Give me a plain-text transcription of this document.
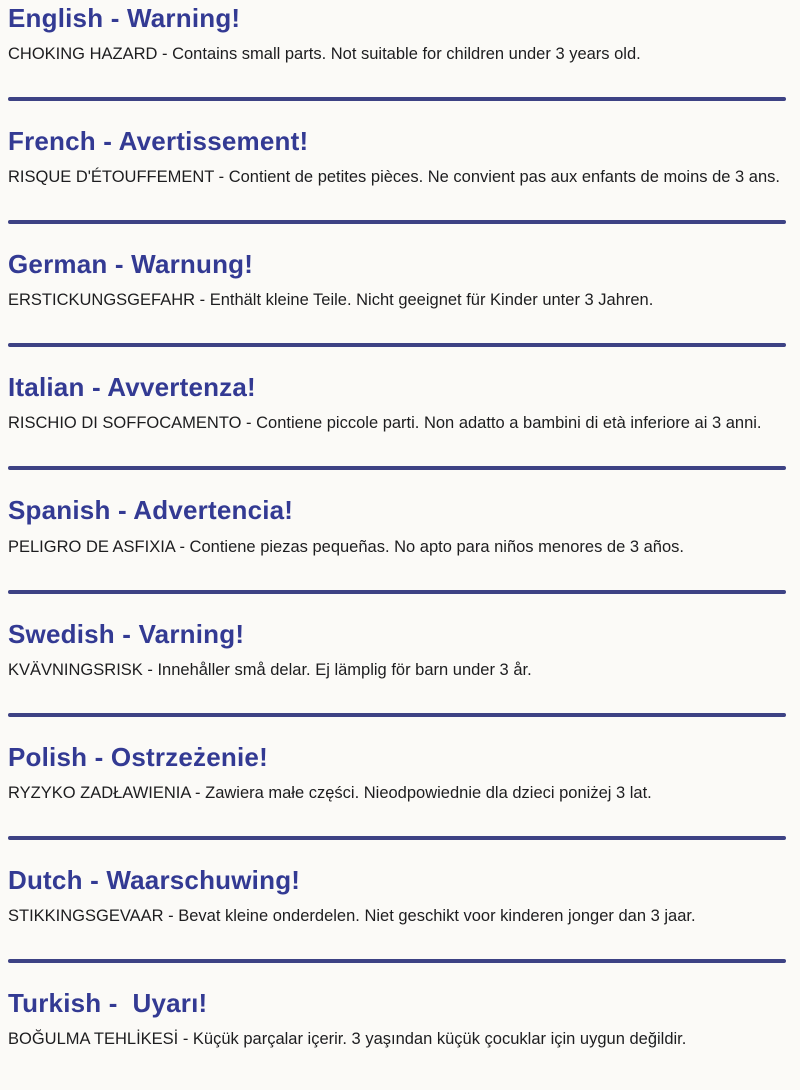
English - Warning!

CHOKING HAZARD - Contains small parts. Not suitable for children under 3 years old.

French - Avertissement!

RISQUE D'ÉTOUFFEMENT - Contient de petites pièces. Ne convient pas aux enfants de moins de 3 ans.

German - Warnung!

ERSTICKUNGSGEFAHR - Enthält kleine Teile. Nicht geeignet für Kinder unter 3 Jahren.

Italian - Avvertenza!

RISCHIO DI SOFFOCAMENTO - Contiene piccole parti. Non adatto a bambini di età inferiore ai 3 anni.

Spanish - Advertencia!

PELIGRO DE ASFIXIA - Contiene piezas pequeñas. No apto para niños menores de 3 años.

Swedish - Varning!

KVÄVNINGSRISK - Innehåller små delar. Ej lämplig för barn under 3 år.

Polish - Ostrzeżenie!

RYZYKO ZADŁAWIENIA - Zawiera małe części. Nieodpowiednie dla dzieci poniżej 3 lat.

Dutch - Waarschuwing!

STIKKINGSGEVAAR - Bevat kleine onderdelen. Niet geschikt voor kinderen jonger dan 3 jaar.

Turkish -  Uyarı!

BOĞULMA TEHLİKESİ - Küçük parçalar içerir. 3 yaşından küçük çocuklar için uygun değildir.
